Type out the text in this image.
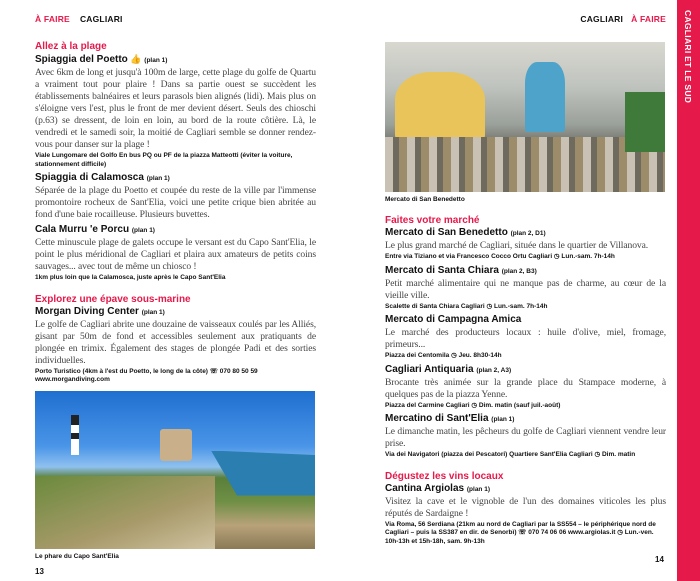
À FAIRE CAGLIARI	CAGLIARI À FAIRE
Allez à la plage
Spiaggia del Poetto 👍 (plan 1)
Avec 6km de long et jusqu'à 100m de large, cette plage du golfe de Quartu a vraiment tout pour plaire ! Dans sa partie ouest se succèdent les établissements balnéaires et leurs parasols bien alignés (lidi). Mais plus on s'éloigne vers l'est, plus le front de mer devient désert. Seuls des chioschi (p.63) se dressent, de loin en loin, au bord de la route côtière. Là, le vendredi et le samedi soir, la moitié de Cagliari semble se donner rendez-vous pour danser sur la plage !
Viale Lungomare del Golfo En bus PQ ou PF de la piazza Matteotti (éviter la voiture, stationnement difficile)
Spiaggia di Calamosca (plan 1)
Séparée de la plage du Poetto et coupée du reste de la ville par l'immense promontoire rocheux de Sant'Elia, voici une petite crique bien abritée au fond d'une baie rocailleuse. Plusieurs buvettes.
Cala Murru 'e Porcu (plan 1)
Cette minuscule plage de galets occupe le versant est du Capo Sant'Elia, le point le plus méridional de Cagliari et plaira aux amateurs de petits coins sauvages... avec tout de même un chiosco !
1km plus loin que la Calamosca, juste après le Capo Sant'Elia
Explorez une épave sous-marine
Morgan Diving Center (plan 1)
Le golfe de Cagliari abrite une douzaine de vaisseaux coulés par les Alliés, gisant par 50m de fond et accessibles seulement aux pratiquants de plongée en trimix. Également des stages de plongée Padi et des sorties individuelles.
Porto Turistico (4km à l'est du Poetto, le long de la côte) ☏ 070 80 50 59 www.morgandiving.com
Le phare du Capo Sant'Elia
Mercato di San Benedetto
Faites votre marché
Mercato di San Benedetto (plan 2, D1)
Le plus grand marché de Cagliari, située dans le quartier de Villanova.
Entre via Tiziano et via Francesco Cocco Ortu Cagliari ◷ Lun.-sam. 7h-14h
Mercato di Santa Chiara (plan 2, B3)
Petit marché alimentaire qui ne manque pas de charme, au cœur de la vieille ville.
Scalette di Santa Chiara Cagliari ◷ Lun.-sam. 7h-14h
Mercato di Campagna Amica
Le marché des producteurs locaux : huile d'olive, miel, fromage, primeurs...
Piazza dei Centomila ◷ Jeu. 8h30-14h
Cagliari Antiquaria (plan 2, A3)
Brocante très animée sur la grande place du Stampace moderne, à quelques pas de la piazza Yenne.
Piazza del Carmine Cagliari ◷ Dim. matin (sauf juil.-août)
Mercatino di Sant'Elia (plan 1)
Le dimanche matin, les pêcheurs du golfe de Cagliari viennent vendre leur prise.
Via dei Navigatori (piazza dei Pescatori) Quartiere Sant'Elia Cagliari ◷ Dim. matin
Dégustez les vins locaux
Cantina Argiolas (plan 1)
Visitez la cave et le vignoble de l'un des domaines viticoles les plus réputés de Sardaigne !
Via Roma, 56 Serdiana (21km au nord de Cagliari par la SS554 – le périphérique nord de Cagliari – puis la SS387 en dir. de Senorbì) ☏ 070 74 06 06 www.argiolas.it ◷ Lun.-ven. 10h-13h et 15h-18h, sam. 9h-13h
13
14
CAGLIARI ET LE SUD
